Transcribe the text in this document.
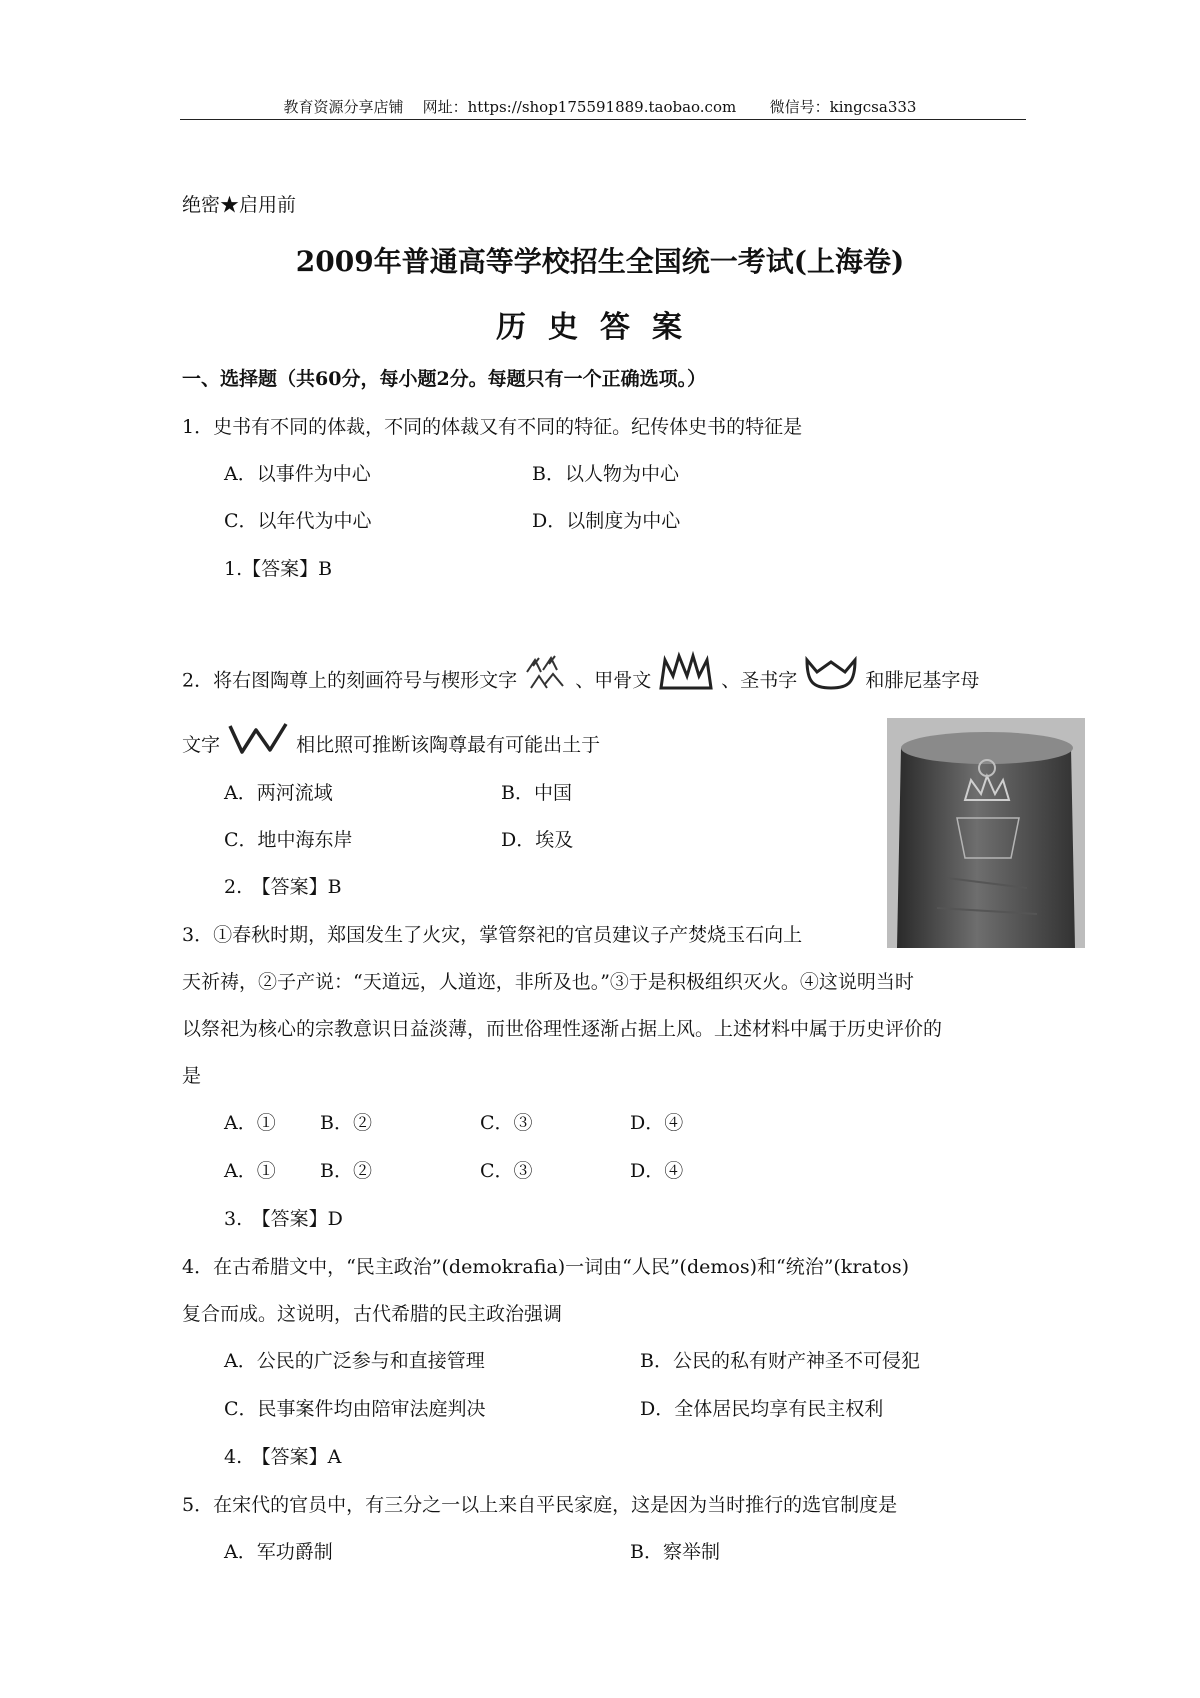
教育资源分享店铺 网址：https://shop175591889.taobao.com 微信号：kingcsa333
绝密★启用前
2009年普通高等学校招生全国统一考试(上海卷)
历史答案
一、选择题（共60分，每小题2分。每题只有一个正确选项。）
1．史书有不同的体裁，不同的体裁又有不同的特征。纪传体史书的特征是
A．以事件为中心	B．以人物为中心
C．以年代为中心	D．以制度为中心
1.【答案】B
2．将右图陶尊上的刻画符号与楔形文字	、甲骨文	、圣书字	和腓尼基字母
文字	相比照可推断该陶尊最有可能出土于
A．两河流域	B．中国
C．地中海东岸	D．埃及
2.　【答案】B
3．①春秋时期，郑国发生了火灾，掌管祭祀的官员建议子产焚烧玉石向上
天祈祷，②子产说：“天道远，人道迩，非所及也。”③于是积极组织灭火。④这说明当时
以祭祀为核心的宗教意识日益淡薄，而世俗理性逐渐占据上风。上述材料中属于历史评价的
是
A．① B．②	C．③	D．④
A．① B．②	C．③	D．④
3.　【答案】D
4．在古希腊文中，“民主政治”(demokrafia)一词由“人民”(demos)和“统治”(kratos)
复合而成。这说明，古代希腊的民主政治强调
A．公民的广泛参与和直接管理	B．公民的私有财产神圣不可侵犯
C．民事案件均由陪审法庭判决	D．全体居民均享有民主权利
4.　【答案】A
5．在宋代的官员中，有三分之一以上来自平民家庭，这是因为当时推行的选官制度是
A．军功爵制	B．察举制
